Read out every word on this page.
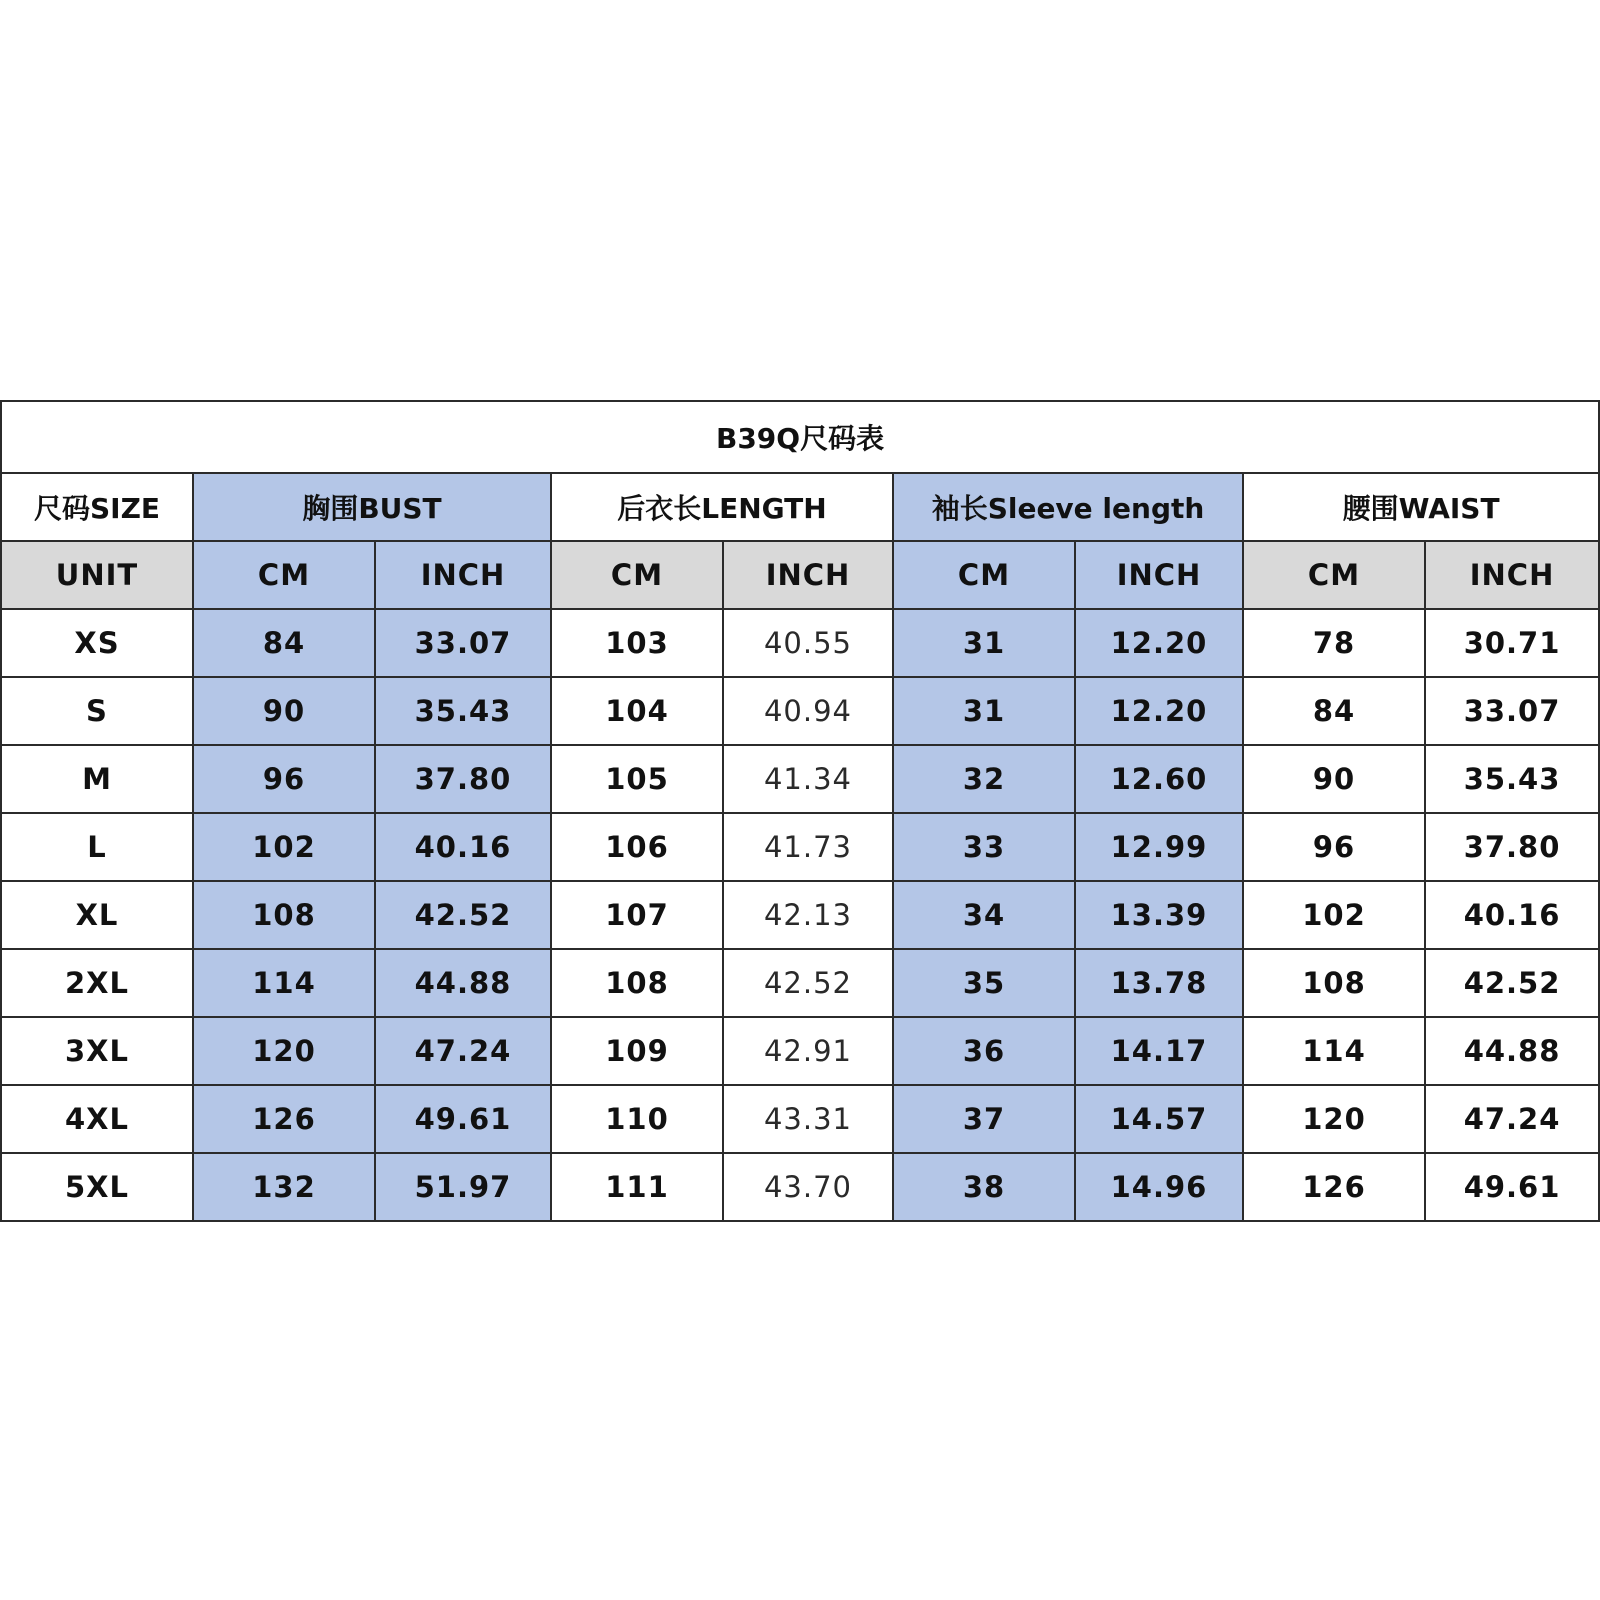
B39Q尺码表								
尺码SIZE	胸围BUST		后衣长LENGTH		袖长Sleeve length		腰围WAIST	
UNIT	CM	INCH	CM	INCH	CM	INCH	CM	INCH
XS	84	33.07	103	40.55	31	12.20	78	30.71
S	90	35.43	104	40.94	31	12.20	84	33.07
M	96	37.80	105	41.34	32	12.60	90	35.43
L	102	40.16	106	41.73	33	12.99	96	37.80
XL	108	42.52	107	42.13	34	13.39	102	40.16
2XL	114	44.88	108	42.52	35	13.78	108	42.52
3XL	120	47.24	109	42.91	36	14.17	114	44.88
4XL	126	49.61	110	43.31	37	14.57	120	47.24
5XL	132	51.97	111	43.70	38	14.96	126	49.61
